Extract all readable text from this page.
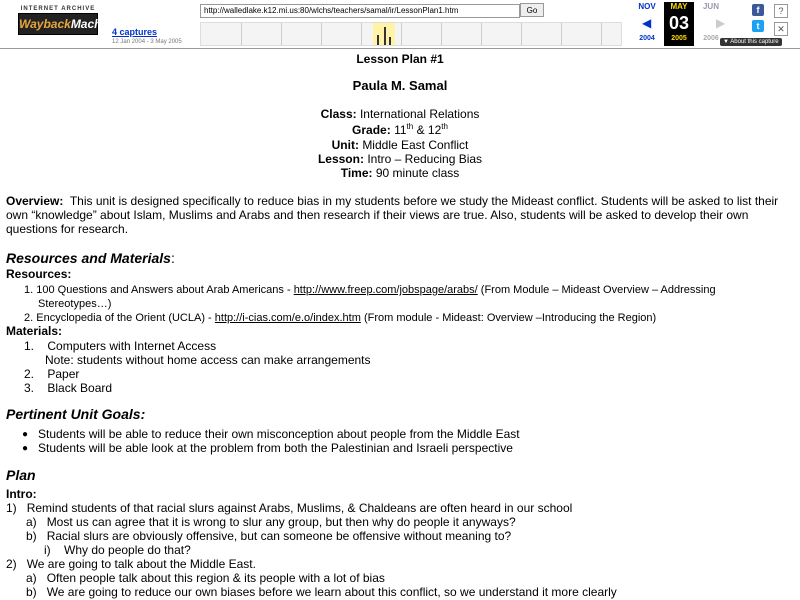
INTERNET ARCHIVE
WaybackMachine
4 captures
12 Jan 2004 - 3 May 2005
http://walledlake.k12.mi.us:80/wlchs/teachers/samal/ir/LessonPlan1.htm
Go	NOV
2004
◀
MAY
03
2005
JUN
2006
▶
f
t
?
✕
▼ About this capture
Lesson Plan #1
Paula M. Samal
Class: International Relations
Grade: 11th & 12th
Unit: Middle East Conflict
Lesson: Intro – Reducing Bias
Time: 90 minute class
Overview: This unit is designed specifically to reduce bias in my students before we study the Mideast conflict. Students will be asked to list their own “knowledge” about Islam, Muslims and Arabs and then research if their views are true. Also, students will be asked to develop their own questions for research.
Resources and Materials:
Resources:
1. 100 Questions and Answers about Arab Americans - http://www.freep.com/jobspage/arabs/ (From Module – Mideast Overview – Addressing
Stereotypes…)
2. Encyclopedia of the Orient (UCLA) - http://i-cias.com/e.o/index.htm (From module - Mideast: Overview –Introducing the Region)
Materials:
1. Computers with Internet Access
Note: students without home access can make arrangements
2. Paper
3. Black Board
Pertinent Unit Goals:
● Students will be able to reduce their own misconception about people from the Middle East
● Students will be able look at the problem from both the Palestinian and Israeli perspective
Plan
Intro:
1) Remind students of that racial slurs against Arabs, Muslims, & Chaldeans are often heard in our school
a) Most us can agree that it is wrong to slur any group, but then why do people it anyways?
b) Racial slurs are obviously offensive, but can someone be offensive without meaning to?
i) Why do people do that?
2) We are going to talk about the Middle East.
a) Often people talk about this region & its people with a lot of bias
b) We are going to reduce our own biases before we learn about this conflict, so we understand it more clearly
